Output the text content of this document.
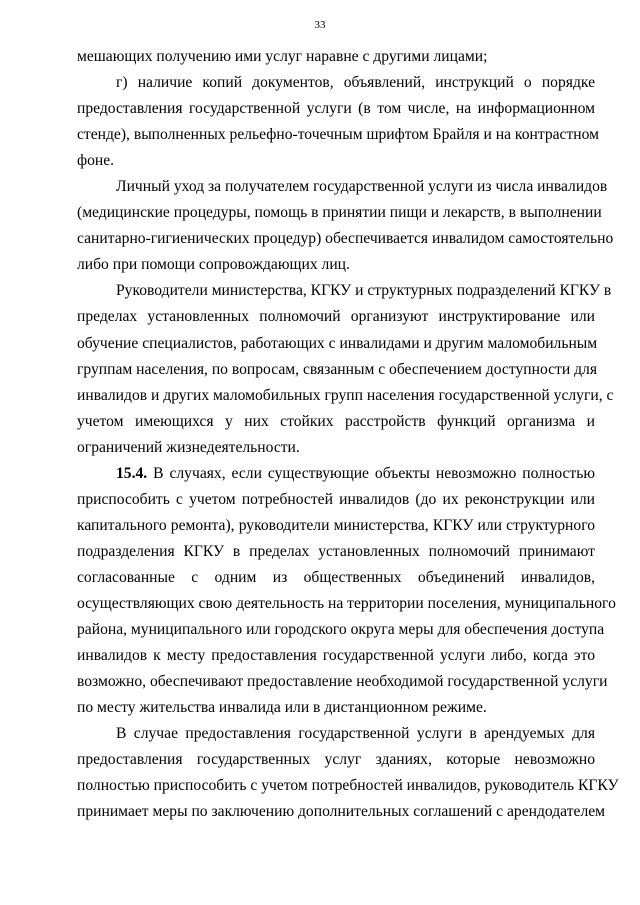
33
мешающих получению ими услуг наравне с другими лицами;
г) наличие копий документов, объявлений, инструкций о порядке
предоставления государственной услуги (в том числе, на информационном
стенде), выполненных рельефно-точечным шрифтом Брайля и на контрастном
фоне.
Личный уход за получателем государственной услуги из числа инвалидов
(медицинские процедуры, помощь в принятии пищи и лекарств, в выполнении
санитарно-гигиенических процедур) обеспечивается инвалидом самостоятельно
либо при помощи сопровождающих лиц.
Руководители министерства, КГКУ и структурных подразделений КГКУ в
пределах установленных полномочий организуют инструктирование или
обучение специалистов, работающих с инвалидами и другим маломобильным
группам населения, по вопросам, связанным с обеспечением доступности для
инвалидов и других маломобильных групп населения государственной услуги, с
учетом имеющихся у них стойких расстройств функций организма и
ограничений жизнедеятельности.
15.4. В случаях, если существующие объекты невозможно полностью
приспособить с учетом потребностей инвалидов (до их реконструкции или
капитального ремонта), руководители министерства, КГКУ или структурного
подразделения КГКУ в пределах установленных полномочий принимают
согласованные с одним из общественных объединений инвалидов,
осуществляющих свою деятельность на территории поселения, муниципального
района, муниципального или городского округа меры для обеспечения доступа
инвалидов к месту предоставления государственной услуги либо, когда это
возможно, обеспечивают предоставление необходимой государственной услуги
по месту жительства инвалида или в дистанционном режиме.
В случае предоставления государственной услуги в арендуемых для
предоставления государственных услуг зданиях, которые невозможно
полностью приспособить с учетом потребностей инвалидов, руководитель КГКУ
принимает меры по заключению дополнительных соглашений с арендодателем
